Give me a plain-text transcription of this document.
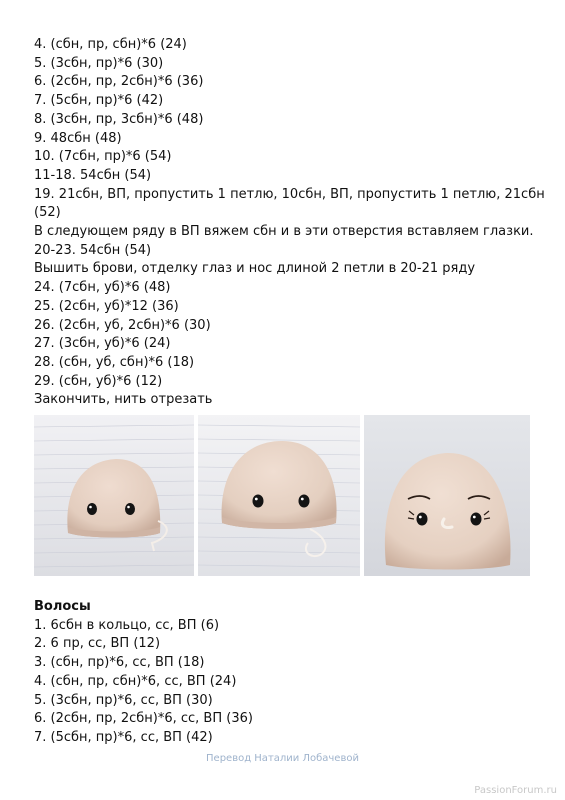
4. (сбн, пр, сбн)*6 (24)
5. (3сбн, пр)*6 (30)
6. (2сбн, пр, 2сбн)*6 (36)
7. (5сбн, пр)*6 (42)
8. (3сбн, пр, 3сбн)*6 (48)
9. 48сбн (48)
10. (7сбн, пр)*6 (54)
11-18. 54сбн (54)
19. 21сбн, ВП, пропустить 1 петлю, 10сбн, ВП, пропустить 1 петлю, 21сбн
(52)
В следующем ряду в ВП вяжем сбн и в эти отверстия вставляем глазки.
20-23. 54сбн (54)
Вышить брови, отделку глаз и нос длиной 2 петли в 20-21 ряду
24. (7сбн, уб)*6 (48)
25. (2сбн, уб)*12 (36)
26. (2сбн, уб, 2сбн)*6 (30)
27. (3сбн, уб)*6 (24)
28. (сбн, уб, сбн)*6 (18)
29. (сбн, уб)*6 (12)
Закончить, нить отрезать
Волосы
1. 6сбн в кольцо, сс, ВП (6)
2. 6 пр, сс, ВП (12)
3. (сбн, пр)*6, сс, ВП (18)
4. (сбн, пр, сбн)*6, сс, ВП (24)
5. (3сбн, пр)*6, сс, ВП (30)
6. (2сбн, пр, 2сбн)*6, сс, ВП (36)
7. (5сбн, пр)*6, сс, ВП (42)
Перевод Наталии Лобачевой
PassionForum.ru
